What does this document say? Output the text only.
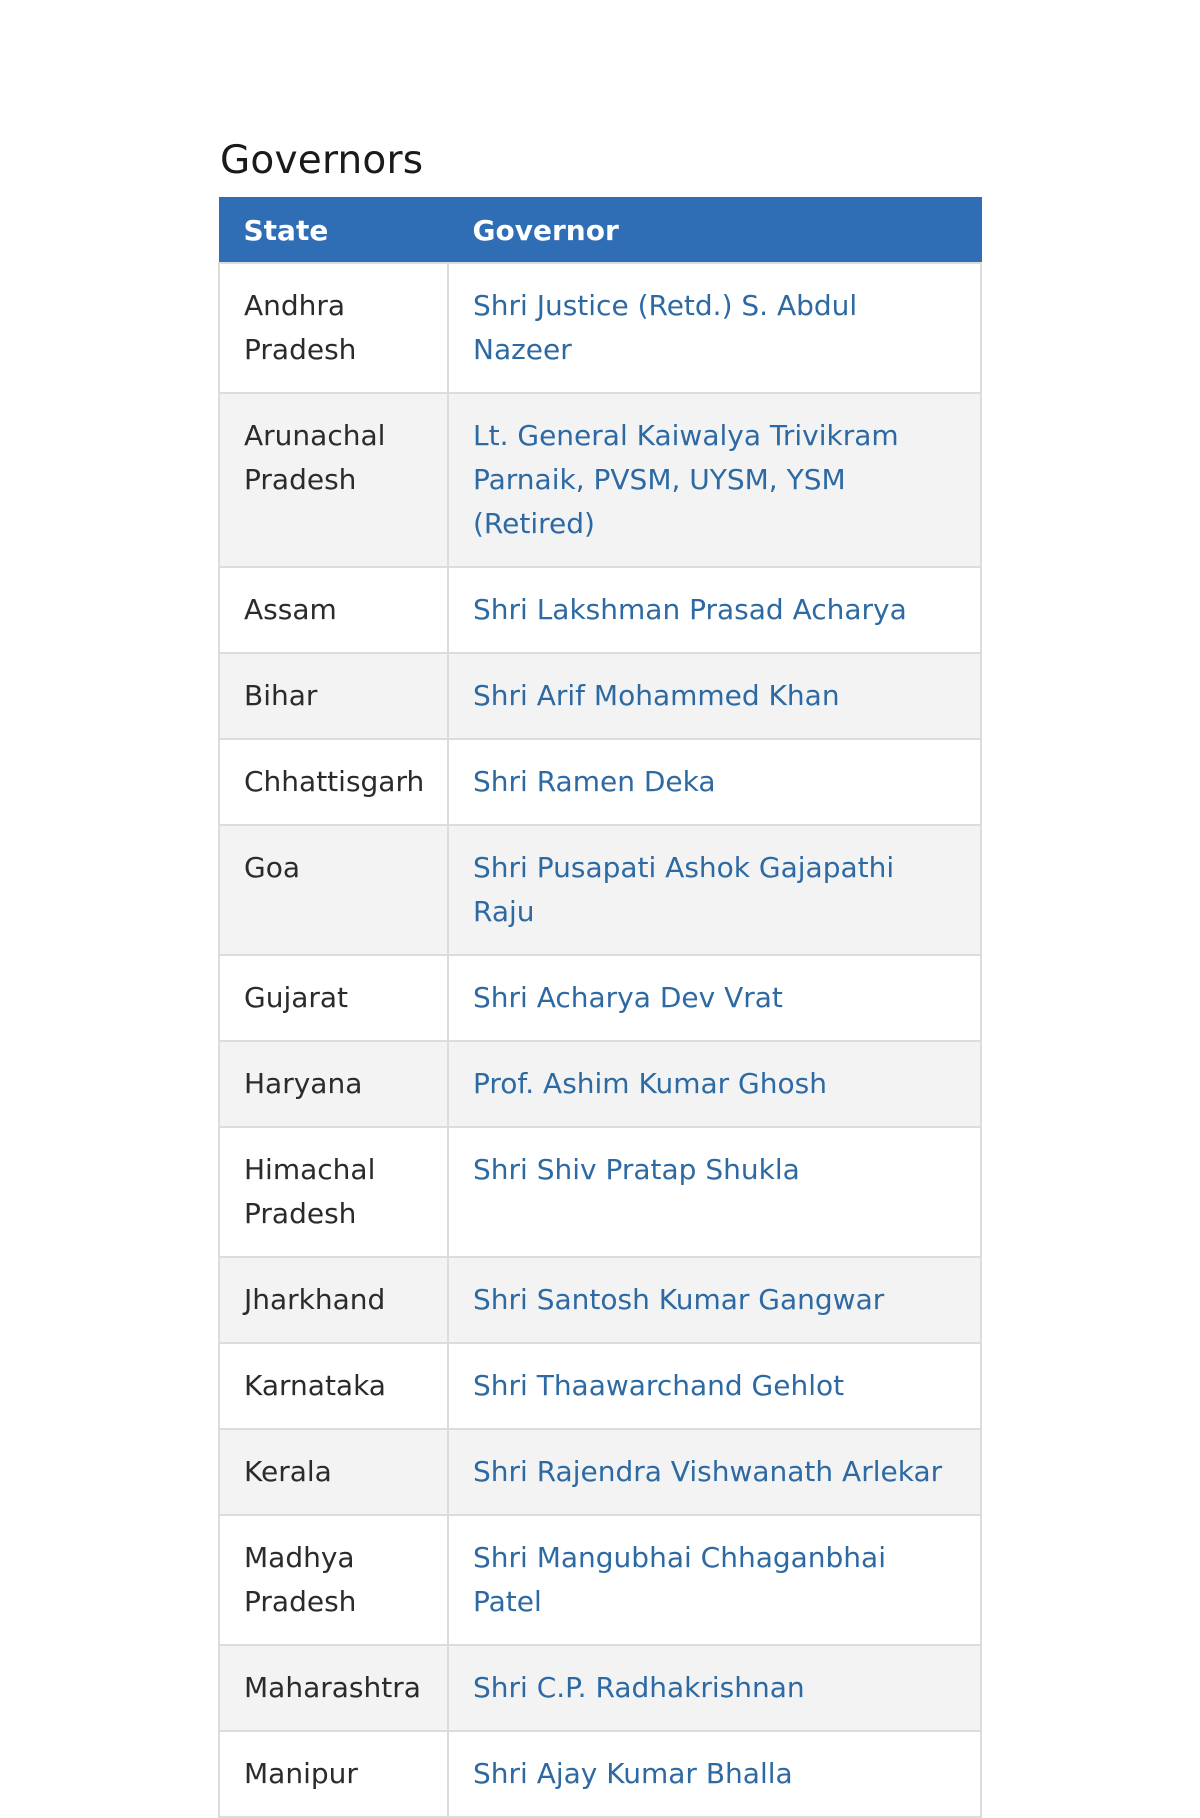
Governors
State	Governor
Andhra Pradesh	Shri Justice (Retd.) S. Abdul Nazeer
Arunachal Pradesh	Lt. General Kaiwalya Trivikram Parnaik, PVSM, UYSM, YSM (Retired)
Assam	Shri Lakshman Prasad Acharya
Bihar	Shri Arif Mohammed Khan
Chhattisgarh	Shri Ramen Deka
Goa	Shri Pusapati Ashok Gajapathi Raju
Gujarat	Shri Acharya Dev Vrat
Haryana	Prof. Ashim Kumar Ghosh
Himachal Pradesh	Shri Shiv Pratap Shukla
Jharkhand	Shri Santosh Kumar Gangwar
Karnataka	Shri Thaawarchand Gehlot
Kerala	Shri Rajendra Vishwanath Arlekar
Madhya Pradesh	Shri Mangubhai Chhaganbhai Patel
Maharashtra	Shri C.P. Radhakrishnan
Manipur	Shri Ajay Kumar Bhalla
